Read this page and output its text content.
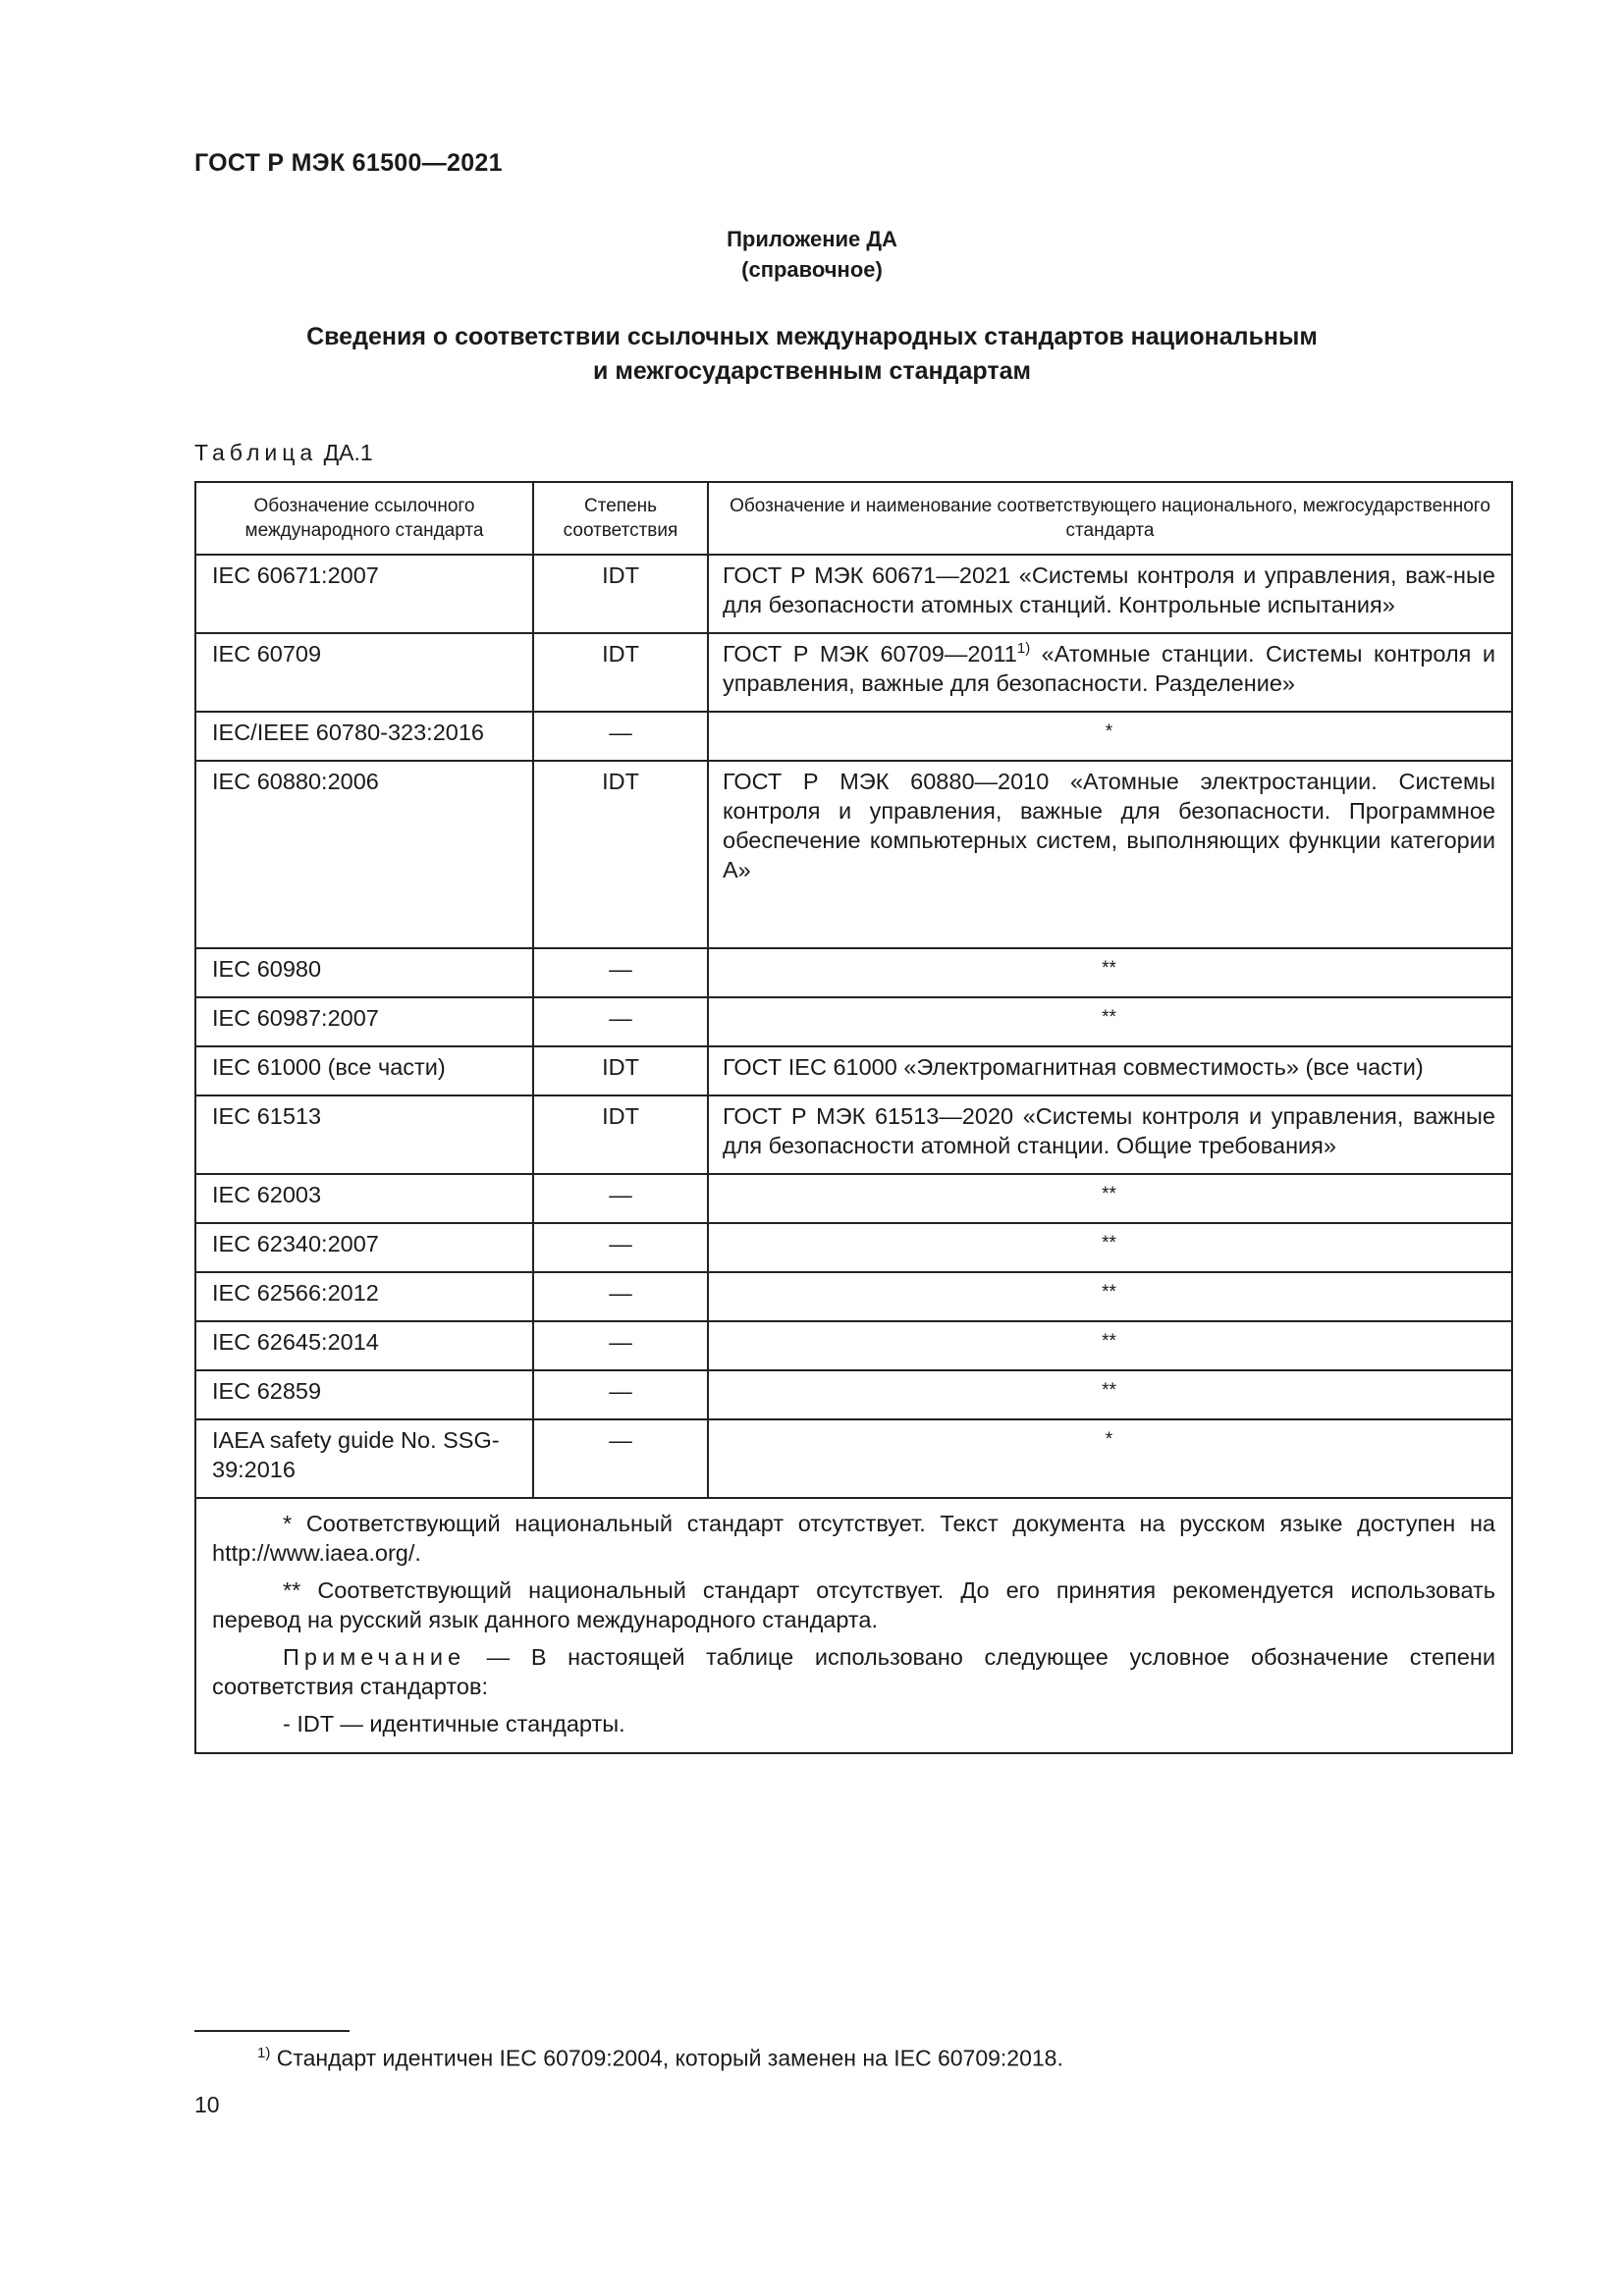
ГОСТ Р МЭК 61500—2021
Приложение ДА
(справочное)
Сведения о соответствии ссылочных международных стандартов национальным
и межгосударственным стандартам
Таблица ДА.1
Обозначение ссылочного международного стандарта	Степень соответствия	Обозначение и наименование соответствующего национального, межгосударственного стандарта

IEC 60671:2007	IDT	ГОСТ Р МЭК 60671—2021 «Системы контроля и управления, важ-ные для безопасности атомных станций. Контрольные испытания»
IEC 60709	IDT	ГОСТ Р МЭК 60709—2011$^{1)}$ «Атомные станции. Системы контроля и управления, важные для безопасности. Разделение»
IEC/IEEE 60780-323:2016	—	*
IEC 60880:2006	IDT	ГОСТ Р МЭК 60880—2010 «Атомные электростанции. Системы контроля и управления, важные для безопасности. Программное обеспечение компьютерных систем, выполняющих функции категории А»
IEC 60980	—	**
IEC 60987:2007	—	**
IEC 61000 (все части)	IDT	ГОСТ IEC 61000 «Электромагнитная совместимость» (все части)
IEC 61513	IDT	ГОСТ Р МЭК 61513—2020 «Системы контроля и управления, важные для безопасности атомной станции. Общие требования»
IEC 62003	—	**
IEC 62340:2007	—	**
IEC 62566:2012	—	**
IEC 62645:2014	—	**
IEC 62859	—	**
IAEA safety guide No. SSG-39:2016	—	*

* Соответствующий национальный стандарт отсутствует. Текст документа на русском языке доступен на http://www.iaea.org/.

** Соответствующий национальный стандарт отсутствует. До его принятия рекомендуется использовать перевод на русский язык данного международного стандарта.

Примечание — В настоящей таблице использовано следующее условное обозначение степени соответствия стандартов:

- IDT — идентичные стандарты.		

$^{1)}$ Стандарт идентичен IEC 60709:2004, который заменен на IEC 60709:2018.
10
